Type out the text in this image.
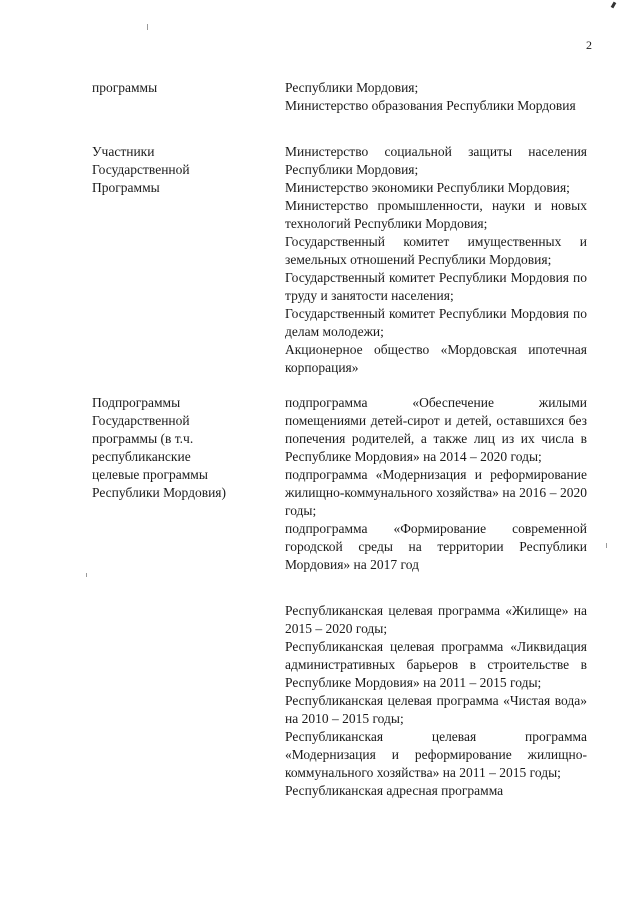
2
программы	Республики Мордовия;

Министерство образования Республики Мордовия

Участники
Государственной
Программы

Министерство социальной защиты населения Республики Мордовия;

Министерство экономики Республики Мордовия;

Министерство промышленности, науки и новых технологий Республики Мордовия;

Государственный комитет имущественных и земельных отношений Республики Мордовия;

Государственный комитет Республики Мордовия по труду и занятости населения;

Государственный комитет Республики Мордовия по делам молодежи;

Акционерное общество «Мордовская ипотечная корпорация»

Подпрограммы
Государственной
программы (в т.ч.
республиканские
целевые программы
Республики Мордовия)

подпрограмма «Обеспечение жилыми помещениями детей-сирот и детей, оставшихся без попечения родителей, а также лиц из их числа в Республике Мордовия» на 2014 – 2020 годы;

подпрограмма «Модернизация и реформирование жилищно-коммунального хозяйства» на 2016 – 2020 годы;

подпрограмма «Формирование современной городской среды на территории Республики Мордовия» на 2017 год

Республиканская целевая программа «Жилище» на 2015 – 2020 годы;

Республиканская целевая программа «Ликвидация административных барьеров в строительстве в Республике Мордовия» на 2011 – 2015 годы;

Республиканская целевая программа «Чистая вода» на 2010 – 2015 годы;

Республиканская целевая программа «Модернизация и реформирование жилищно-коммунального хозяйства» на 2011 – 2015 годы;

Республиканская адресная программа
